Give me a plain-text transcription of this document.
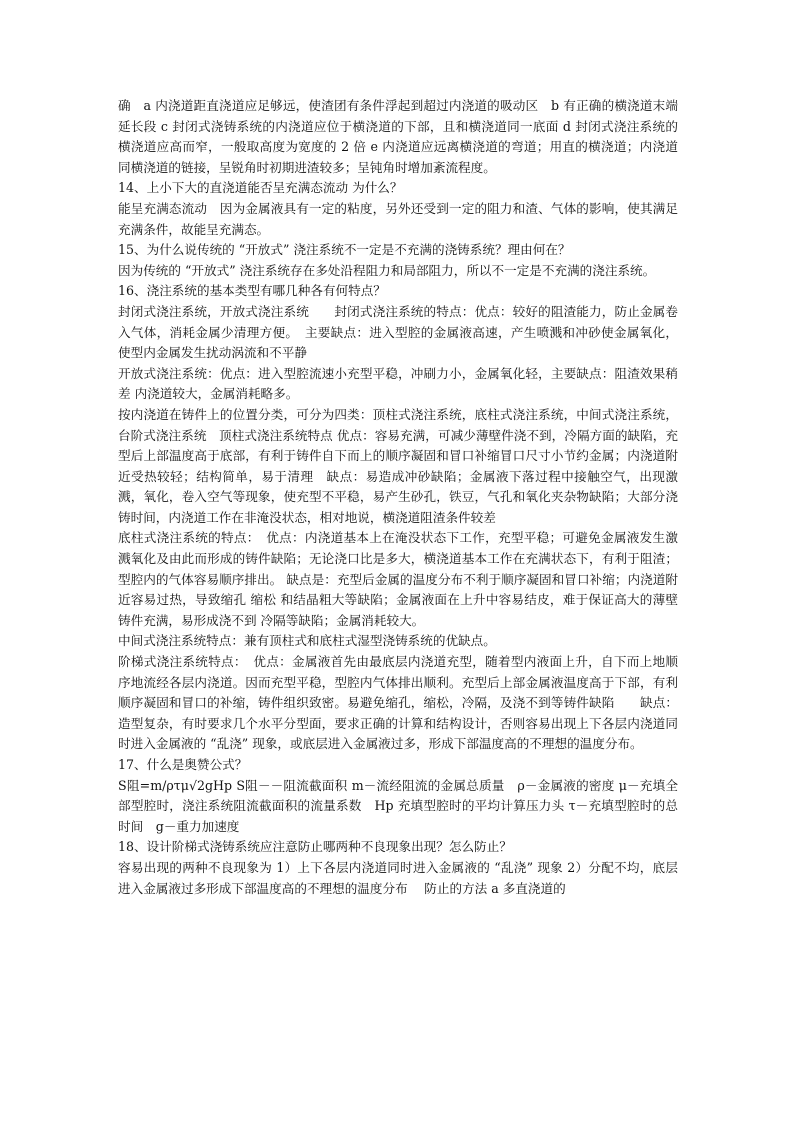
确　a 内浇道距直浇道应足够远，使渣团有条件浮起到超过内浇道的吸动区　b 有正确的横浇道末端延长段 c 封闭式浇铸系统的内浇道应位于横浇道的下部，且和横浇道同一底面 d 封闭式浇注系统的横浇道应高而窄，一般取高度为宽度的 2 倍 e 内浇道应远离横浇道的弯道；用直的横浇道；内浇道同横浇道的链接，呈锐角时初期进渣较多；呈钝角时增加紊流程度。

14、上小下大的直浇道能否呈充满态流动 为什么？

能呈充满态流动　因为金属液具有一定的粘度，另外还受到一定的阻力和渣、气体的影响，使其满足充满条件，故能呈充满态。

15、为什么说传统的 “开放式” 浇注系统不一定是不充满的浇铸系统？理由何在？

因为传统的 “开放式” 浇注系统存在多处沿程阻力和局部阻力，所以不一定是不充满的浇注系统。

16、浇注系统的基本类型有哪几种各有何特点？

封闭式浇注系统，开放式浇注系统　　封闭式浇注系统的特点：优点：较好的阻渣能力，防止金属卷入气体，消耗金属少清理方便。　主要缺点：进入型腔的金属液高速，产生喷溅和冲砂使金属氧化，使型内金属发生扰动涡流和不平静

开放式浇注系统：优点：进入型腔流速小充型平稳，冲刷力小，金属氧化轻，主要缺点：阻渣效果稍差 内浇道较大，金属消耗略多。

按内浇道在铸件上的位置分类，可分为四类：顶柱式浇注系统，底柱式浇注系统，中间式浇注系统，台阶式浇注系统　顶柱式浇注系统特点 优点：容易充满，可减少薄壁件浇不到，冷隔方面的缺陷，充型后上部温度高于底部，有利于铸件自下而上的顺序凝固和冒口补缩冒口尺寸小节约金属；内浇道附近受热较轻；结构简单，易于清理　缺点：易造成冲砂缺陷；金属液下落过程中接触空气，出现激溅，氧化，卷入空气等现象，使充型不平稳，易产生砂孔，铁豆，气孔和氧化夹杂物缺陷；大部分浇铸时间，内浇道工作在非淹没状态，相对地说，横浇道阻渣条件较差

底柱式浇注系统的特点：　优点：内浇道基本上在淹没状态下工作，充型平稳；可避免金属液发生激溅氧化及由此而形成的铸件缺陷；无论浇口比是多大，横浇道基本工作在充满状态下，有利于阻渣；型腔内的气体容易顺序排出。 缺点是：充型后金属的温度分布不利于顺序凝固和冒口补缩；内浇道附近容易过热，导致缩孔 缩松 和结晶粗大等缺陷；金属液面在上升中容易结皮，难于保证高大的薄壁铸件充满，易形成浇不到 冷隔等缺陷；金属消耗较大。

中间式浇注系统特点：兼有顶柱式和底柱式湿型浇铸系统的优缺点。

阶梯式浇注系统特点：　优点：金属液首先由最底层内浇道充型，随着型内液面上升，自下而上地顺序地流经各层内浇道。因而充型平稳，型腔内气体排出顺利。充型后上部金属液温度高于下部，有利顺序凝固和冒口的补缩，铸件组织致密。易避免缩孔，缩松，冷隔，及浇不到等铸件缺陷　　缺点：造型复杂，有时要求几个水平分型面，要求正确的计算和结构设计，否则容易出现上下各层内浇道同时进入金属液的 “乱浇” 现象，或底层进入金属液过多，形成下部温度高的不理想的温度分布。

17、什么是奥赞公式？

S阻=m/ρτμ√2gHp S阻－－阻流截面积 m－流经阻流的金属总质量　ρ－金属液的密度 μ－充填全部型腔时，浇注系统阻流截面积的流量系数　Hp 充填型腔时的平均计算压力头 τ－充填型腔时的总时间　g－重力加速度

18、设计阶梯式浇铸系统应注意防止哪两种不良现象出现？怎么防止？

容易出现的两种不良现象为 1）上下各层内浇道同时进入金属液的 “乱浇” 现象 2）分配不均，底层进入金属液过多形成下部温度高的不理想的温度分布　 防止的方法 a 多直浇道的
